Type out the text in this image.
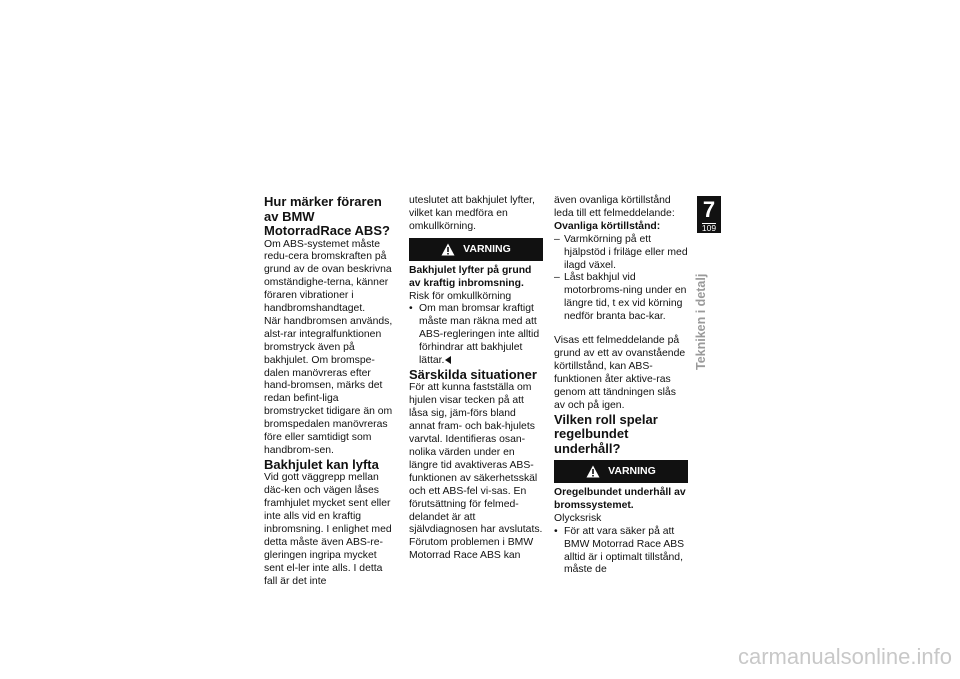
Hur märker föraren av BMW MotorradRace ABS?

Om ABS-systemet måste redu-cera bromskraften på grund av de ovan beskrivna omständighe-terna, känner föraren vibrationer i handbromshandtaget.

När handbromsen används, alst-rar integralfunktionen bromstryck även på bakhjulet. Om bromspe-dalen manövreras efter hand-bromsen, märks det redan befint-liga bromstrycket tidigare än om bromspedalen manövreras före eller samtidigt som handbrom-sen.

Bakhjulet kan lyfta

Vid gott väggrepp mellan däc-ken och vägen låses framhjulet mycket sent eller inte alls vid en kraftig inbromsning. I enlighet med detta måste även ABS-re-gleringen ingripa mycket sent el-ler inte alls. I detta fall är det inte

uteslutet att bakhjulet lyfter, vilket kan medföra en omkullkörning.

VARNING

Bakhjulet lyfter på grund av kraftig inbromsning.

Risk för omkullkörning

• Om man bromsar kraftigt måste man räkna med att ABS-regleringen inte alltid förhindrar att bakhjulet lättar.

Särskilda situationer

För att kunna fastställa om hjulen visar tecken på att låsa sig, jäm-förs bland annat fram- och bak-hjulets varvtal. Identifieras osan-nolika värden under en längre tid avaktiveras ABS-funktionen av säkerhetsskäl och ett ABS-fel vi-sas. En förutsättning för felmed-delandet är att självdiagnosen har avslutats.

Förutom problemen i BMW Motorrad Race ABS kan

även ovanliga körtillstånd leda till ett felmeddelande:

Ovanliga körtillstånd:

– Varmkörning på ett hjälpstöd i friläge eller med ilagd växel.
– Låst bakhjul vid motorbroms-ning under en längre tid, t ex vid körning nedför branta bac-kar.

Visas ett felmeddelande på grund av ett av ovanstående körtillstånd, kan ABS-funktionen åter aktive-ras genom att tändningen slås av och på igen.

Vilken roll spelar regelbundet underhåll?

VARNING

Oregelbundet underhåll av bromssystemet.

Olycksrisk

• För att vara säker på att BMW Motorrad Race ABS alltid är i optimalt tillstånd, måste de
7
109
Tekniken i detalj
carmanualsonline.info
